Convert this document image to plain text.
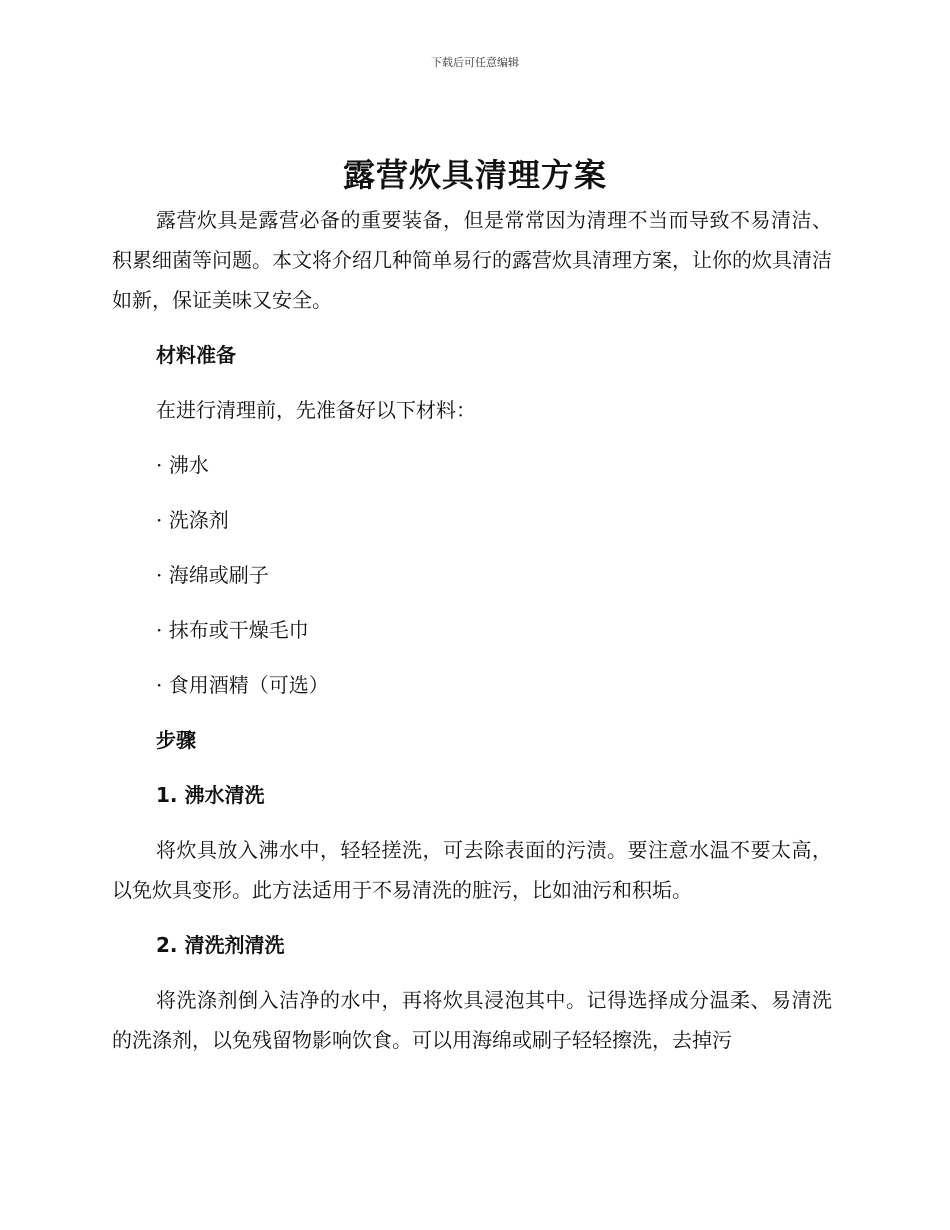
下载后可任意编辑
露营炊具清理方案

露营炊具是露营必备的重要装备，但是常常因为清理不当而导致不易清洁、积累细菌等问题。本文将介绍几种简单易行的露营炊具清理方案，让你的炊具清洁如新，保证美味又安全。

材料准备

在进行清理前，先准备好以下材料：

· 沸水
· 洗涤剂
· 海绵或刷子
· 抹布或干燥毛巾
· 食用酒精（可选）

步骤

1. 沸水清洗

将炊具放入沸水中，轻轻搓洗，可去除表面的污渍。要注意水温不要太高，以免炊具变形。此方法适用于不易清洗的脏污，比如油污和积垢。

2. 清洗剂清洗

将洗涤剂倒入洁净的水中，再将炊具浸泡其中。记得选择成分温柔、易清洗的洗涤剂，以免残留物影响饮食。可以用海绵或刷子轻轻擦洗，去掉污
